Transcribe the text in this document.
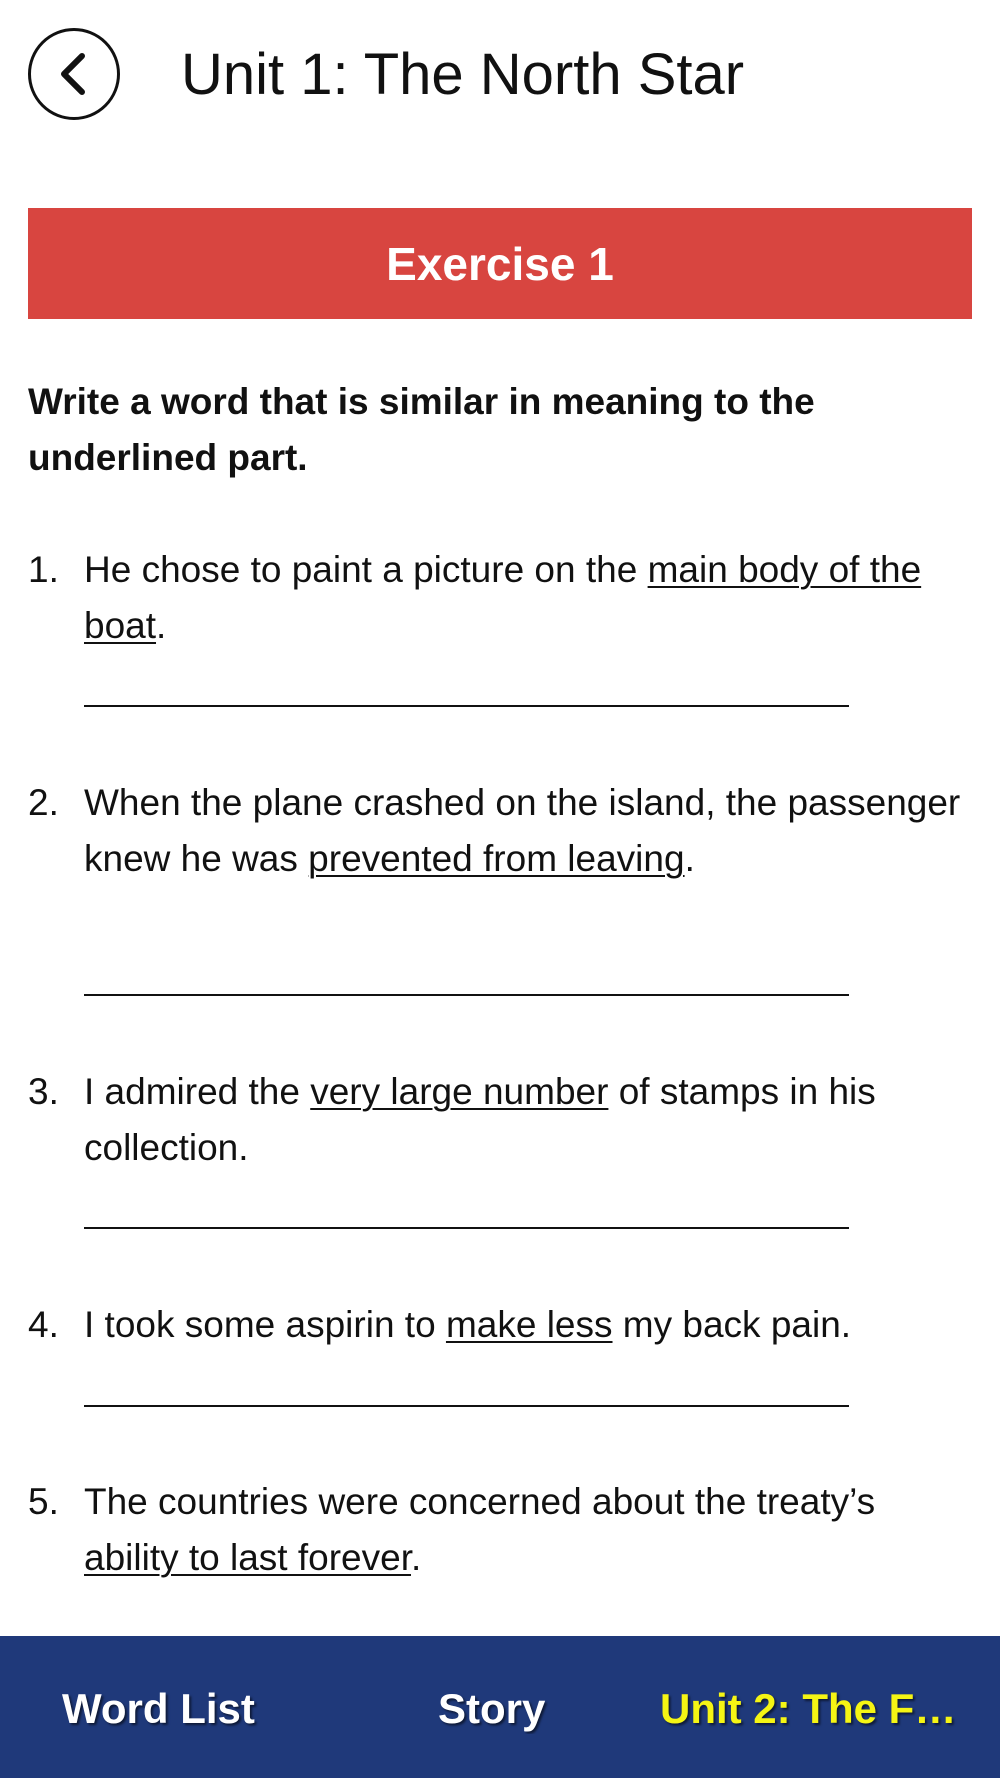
Unit 1: The North Star
Exercise 1
Write a word that is similar in meaning to the underlined part.
1. He chose to paint a picture on the main body of the boat.
2. When the plane crashed on the island, the passenger knew he was prevented from leaving.
3. I admired the very large number of stamps in his collection.
4. I took some aspirin to make less my back pain.
5. The countries were concerned about the treaty’s ability to last forever.
Word List	Story	Unit 2: The F…
